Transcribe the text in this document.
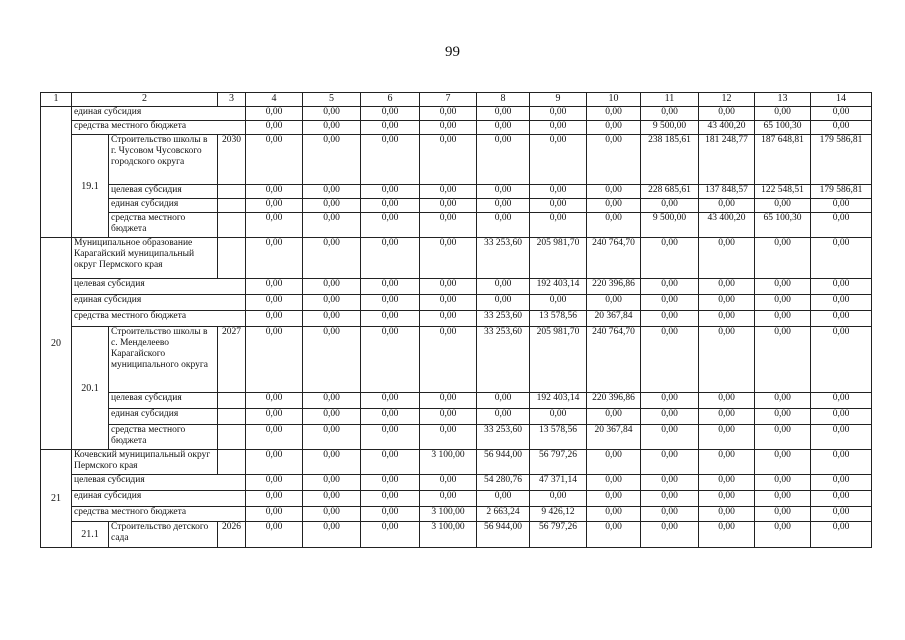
99
1	2		3	4	5	6	7	8	9	10	11	12	13	14
	единая субсидия			0,00	0,00	0,00	0,00	0,00	0,00	0,00	0,00	0,00	0,00	0,00
	средства местного бюджета			0,00	0,00	0,00	0,00	0,00	0,00	0,00	9 500,00	43 400,20	65 100,30	0,00
	19.1	Строительство школы в г. Чусовом Чусовского городского округа	2030	0,00	0,00	0,00	0,00	0,00	0,00	0,00	238 185,61	181 248,77	187 648,81	179 586,81
		целевая субсидия		0,00	0,00	0,00	0,00	0,00	0,00	0,00	228 685,61	137 848,57	122 548,51	179 586,81
		единая субсидия		0,00	0,00	0,00	0,00	0,00	0,00	0,00	0,00	0,00	0,00	0,00
		средства местного бюджета		0,00	0,00	0,00	0,00	0,00	0,00	0,00	9 500,00	43 400,20	65 100,30	0,00
20	Муниципальное образование Карагайский муниципальный округ Пермского края			0,00	0,00	0,00	0,00	33 253,60	205 981,70	240 764,70	0,00	0,00	0,00	0,00
	целевая субсидия			0,00	0,00	0,00	0,00	0,00	192 403,14	220 396,86	0,00	0,00	0,00	0,00
	единая субсидия			0,00	0,00	0,00	0,00	0,00	0,00	0,00	0,00	0,00	0,00	0,00
	средства местного бюджета			0,00	0,00	0,00	0,00	33 253,60	13 578,56	20 367,84	0,00	0,00	0,00	0,00
	20.1	Строительство школы в с. Менделеево Карагайского муниципального округа	2027	0,00	0,00	0,00	0,00	33 253,60	205 981,70	240 764,70	0,00	0,00	0,00	0,00
		целевая субсидия		0,00	0,00	0,00	0,00	0,00	192 403,14	220 396,86	0,00	0,00	0,00	0,00
		единая субсидия		0,00	0,00	0,00	0,00	0,00	0,00	0,00	0,00	0,00	0,00	0,00
		средства местного бюджета		0,00	0,00	0,00	0,00	33 253,60	13 578,56	20 367,84	0,00	0,00	0,00	0,00
21	Кочевский муниципальный округ Пермского края			0,00	0,00	0,00	3 100,00	56 944,00	56 797,26	0,00	0,00	0,00	0,00	0,00
	целевая субсидия			0,00	0,00	0,00	0,00	54 280,76	47 371,14	0,00	0,00	0,00	0,00	0,00
	единая субсидия			0,00	0,00	0,00	0,00	0,00	0,00	0,00	0,00	0,00	0,00	0,00
	средства местного бюджета			0,00	0,00	0,00	3 100,00	2 663,24	9 426,12	0,00	0,00	0,00	0,00	0,00
	21.1	Строительство детского сада	2026	0,00	0,00	0,00	3 100,00	56 944,00	56 797,26	0,00	0,00	0,00	0,00	0,00
